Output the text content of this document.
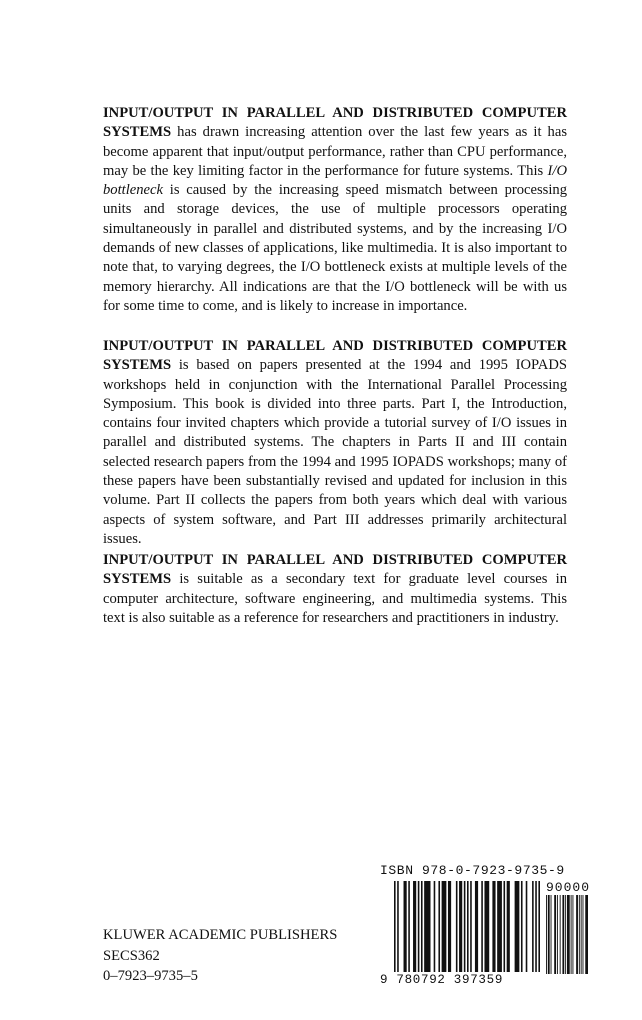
INPUT/OUTPUT IN PARALLEL AND DISTRIBUTED COMPUTER SYSTEMS has drawn increasing attention over the last few years as it has become apparent that input/output performance, rather than CPU performance, may be the key limiting factor in the performance for future systems. This I/O bottleneck is caused by the increasing speed mismatch between processing units and storage devices, the use of multiple processors operating simultaneously in parallel and distributed systems, and by the increasing I/O demands of new classes of applications, like multimedia. It is also important to note that, to varying degrees, the I/O bottleneck exists at multiple levels of the memory hierarchy. All indications are that the I/O bottleneck will be with us for some time to come, and is likely to increase in importance.

INPUT/OUTPUT IN PARALLEL AND DISTRIBUTED COMPUTER SYSTEMS is based on papers presented at the 1994 and 1995 IOPADS workshops held in conjunction with the International Parallel Processing Symposium. This book is divided into three parts. Part I, the Introduction, contains four invited chapters which provide a tutorial survey of I/O issues in parallel and distributed systems. The chapters in Parts II and III contain selected research papers from the 1994 and 1995 IOPADS workshops; many of these papers have been substantially revised and updated for inclusion in this volume. Part II collects the papers from both years which deal with various aspects of system software, and Part III addresses primarily architectural issues.

INPUT/OUTPUT IN PARALLEL AND DISTRIBUTED COMPUTER SYSTEMS is suitable as a secondary text for graduate level courses in computer architecture, software engineering, and multimedia systems. This text is also suitable as a reference for researchers and practitioners in industry.

KLUWER ACADEMIC PUBLISHERS
SECS362
0–7923–9735–5
ISBN 978-0-7923-9735-9
90000
9 780792 397359
